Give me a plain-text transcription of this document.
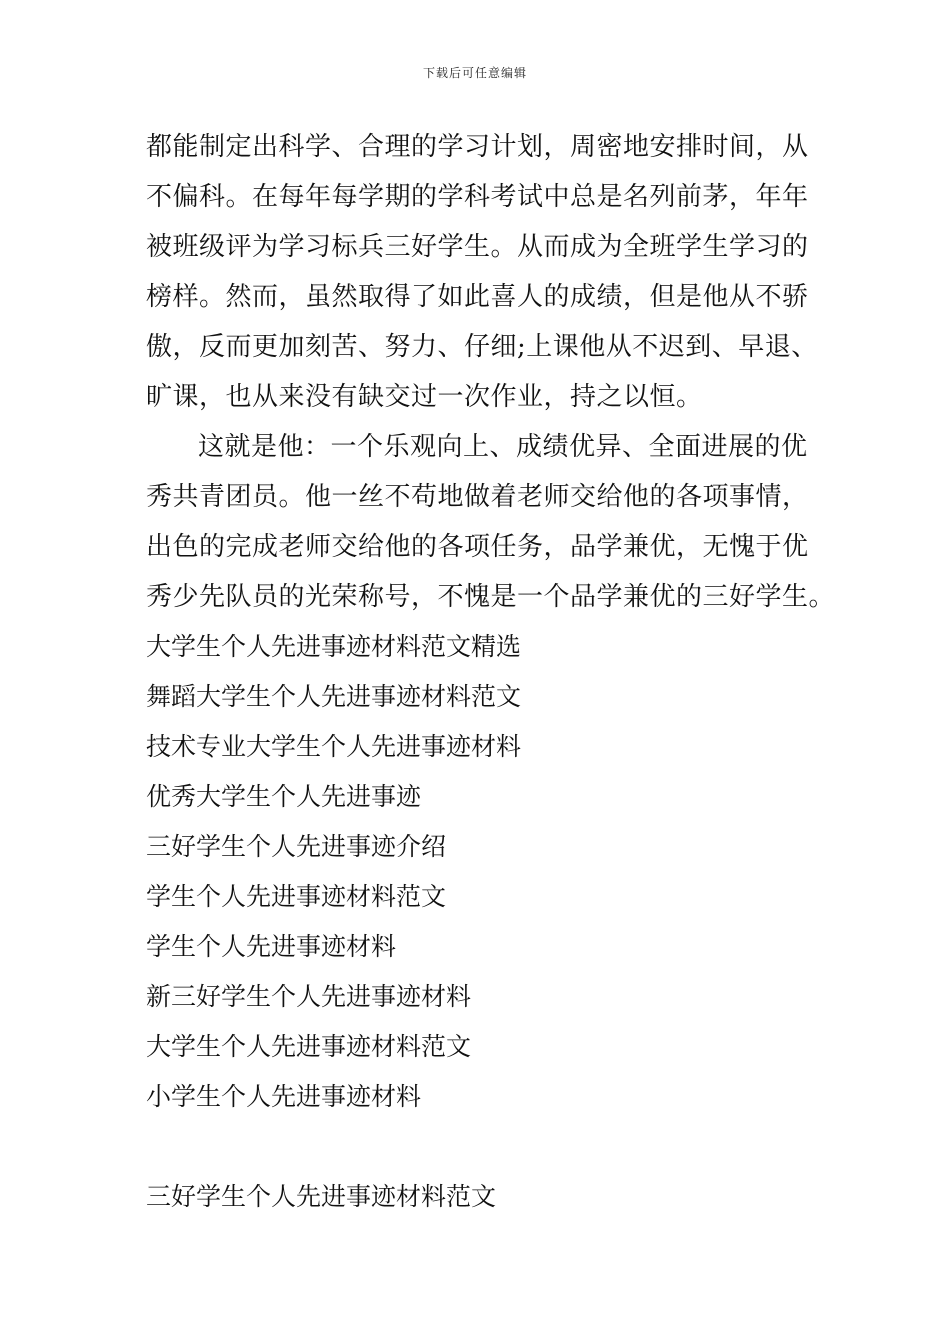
下载后可任意编辑
都能制定出科学、合理的学习计划，周密地安排时间，从
不偏科。在每年每学期的学科考试中总是名列前茅，年年
被班级评为学习标兵三好学生。从而成为全班学生学习的
榜样。然而，虽然取得了如此喜人的成绩，但是他从不骄
傲，反而更加刻苦、努力、仔细;上课他从不迟到、早退、
旷课，也从来没有缺交过一次作业，持之以恒。
这就是他：一个乐观向上、成绩优异、全面进展的优
秀共青团员。他一丝不苟地做着老师交给他的各项事情，
出色的完成老师交给他的各项任务，品学兼优，无愧于优
秀少先队员的光荣称号，不愧是一个品学兼优的三好学生。
大学生个人先进事迹材料范文精选
舞蹈大学生个人先进事迹材料范文
技术专业大学生个人先进事迹材料
优秀大学生个人先进事迹
三好学生个人先进事迹介绍
学生个人先进事迹材料范文
学生个人先进事迹材料
新三好学生个人先进事迹材料
大学生个人先进事迹材料范文
小学生个人先进事迹材料
三好学生个人先进事迹材料范文
